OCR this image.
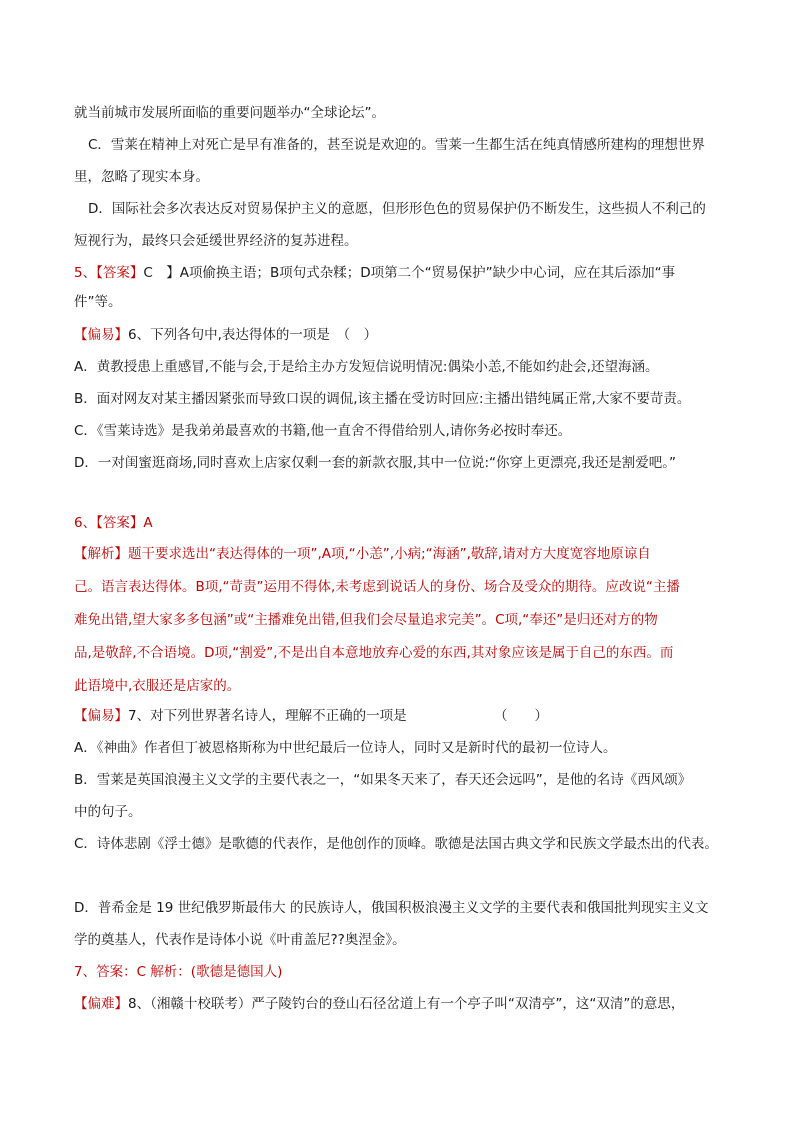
就当前城市发展所面临的重要问题举办“全球论坛”。
C．雪莱在精神上对死亡是早有准备的，甚至说是欢迎的。雪莱一生都生活在纯真情感所建构的理想世界
里，忽略了现实本身。
D．国际社会多次表达反对贸易保护主义的意愿，但形形色色的贸易保护仍不断发生，这些损人不利己的
短视行为，最终只会延缓世界经济的复苏进程。
5、【答案】C　】A项偷换主语；B项句式杂糅；D项第二个“贸易保护”缺少中心词，应在其后添加“事
件”等。
【偏易】6、下列各句中,表达得体的一项是　（　）
A．黄教授患上重感冒,不能与会,于是给主办方发短信说明情况:偶染小恙,不能如约赴会,还望海涵。
B．面对网友对某主播因紧张而导致口误的调侃,该主播在受访时回应:主播出错纯属正常,大家不要苛责。
C．《雪莱诗选》是我弟弟最喜欢的书籍,他一直舍不得借给别人,请你务必按时奉还。
D．一对闺蜜逛商场,同时喜欢上店家仅剩一套的新款衣服,其中一位说:“你穿上更漂亮,我还是割爱吧。”
6、【答案】A
【解析】题干要求选出“表达得体的一项”,A项,“小恙”,小病;“海涵”,敬辞,请对方大度宽容地原谅自
己。语言表达得体。B项,“苛责”运用不得体,未考虑到说话人的身份、场合及受众的期待。应改说“主播
难免出错,望大家多多包涵”或“主播难免出错,但我们会尽量追求完美”。C项,“奉还”是归还对方的物
品,是敬辞,不合语境。D项,“割爱”,不是出自本意地放弃心爱的东西,其对象应该是属于自己的东西。而
此语境中,衣服还是店家的。
【偏易】7、对下列世界著名诗人，理解不正确的一项是	（　　）
A．《神曲》作者但丁被恩格斯称为中世纪最后一位诗人，同时又是新时代的最初一位诗人。
B．雪莱是英国浪漫主义文学的主要代表之一，“如果冬天来了，春天还会远吗”，是他的名诗《西风颂》
中的句子。
C．诗体悲剧《浮士德》是歌德的代表作，是他创作的顶峰。歌德是法国古典文学和民族文学最杰出的代表。
D．普希金是 19 世纪俄罗斯最伟大 的民族诗人，俄国积极浪漫主义文学的主要代表和俄国批判现实主义文
学的奠基人，代表作是诗体小说《叶甫盖尼??奥涅金》。
7、答案：C 解析：(歌德是德国人)
【偏难】8、（湘赣十校联考）严子陵钓台的登山石径岔道上有一个亭子叫“双清亭”，这“双清”的意思，
